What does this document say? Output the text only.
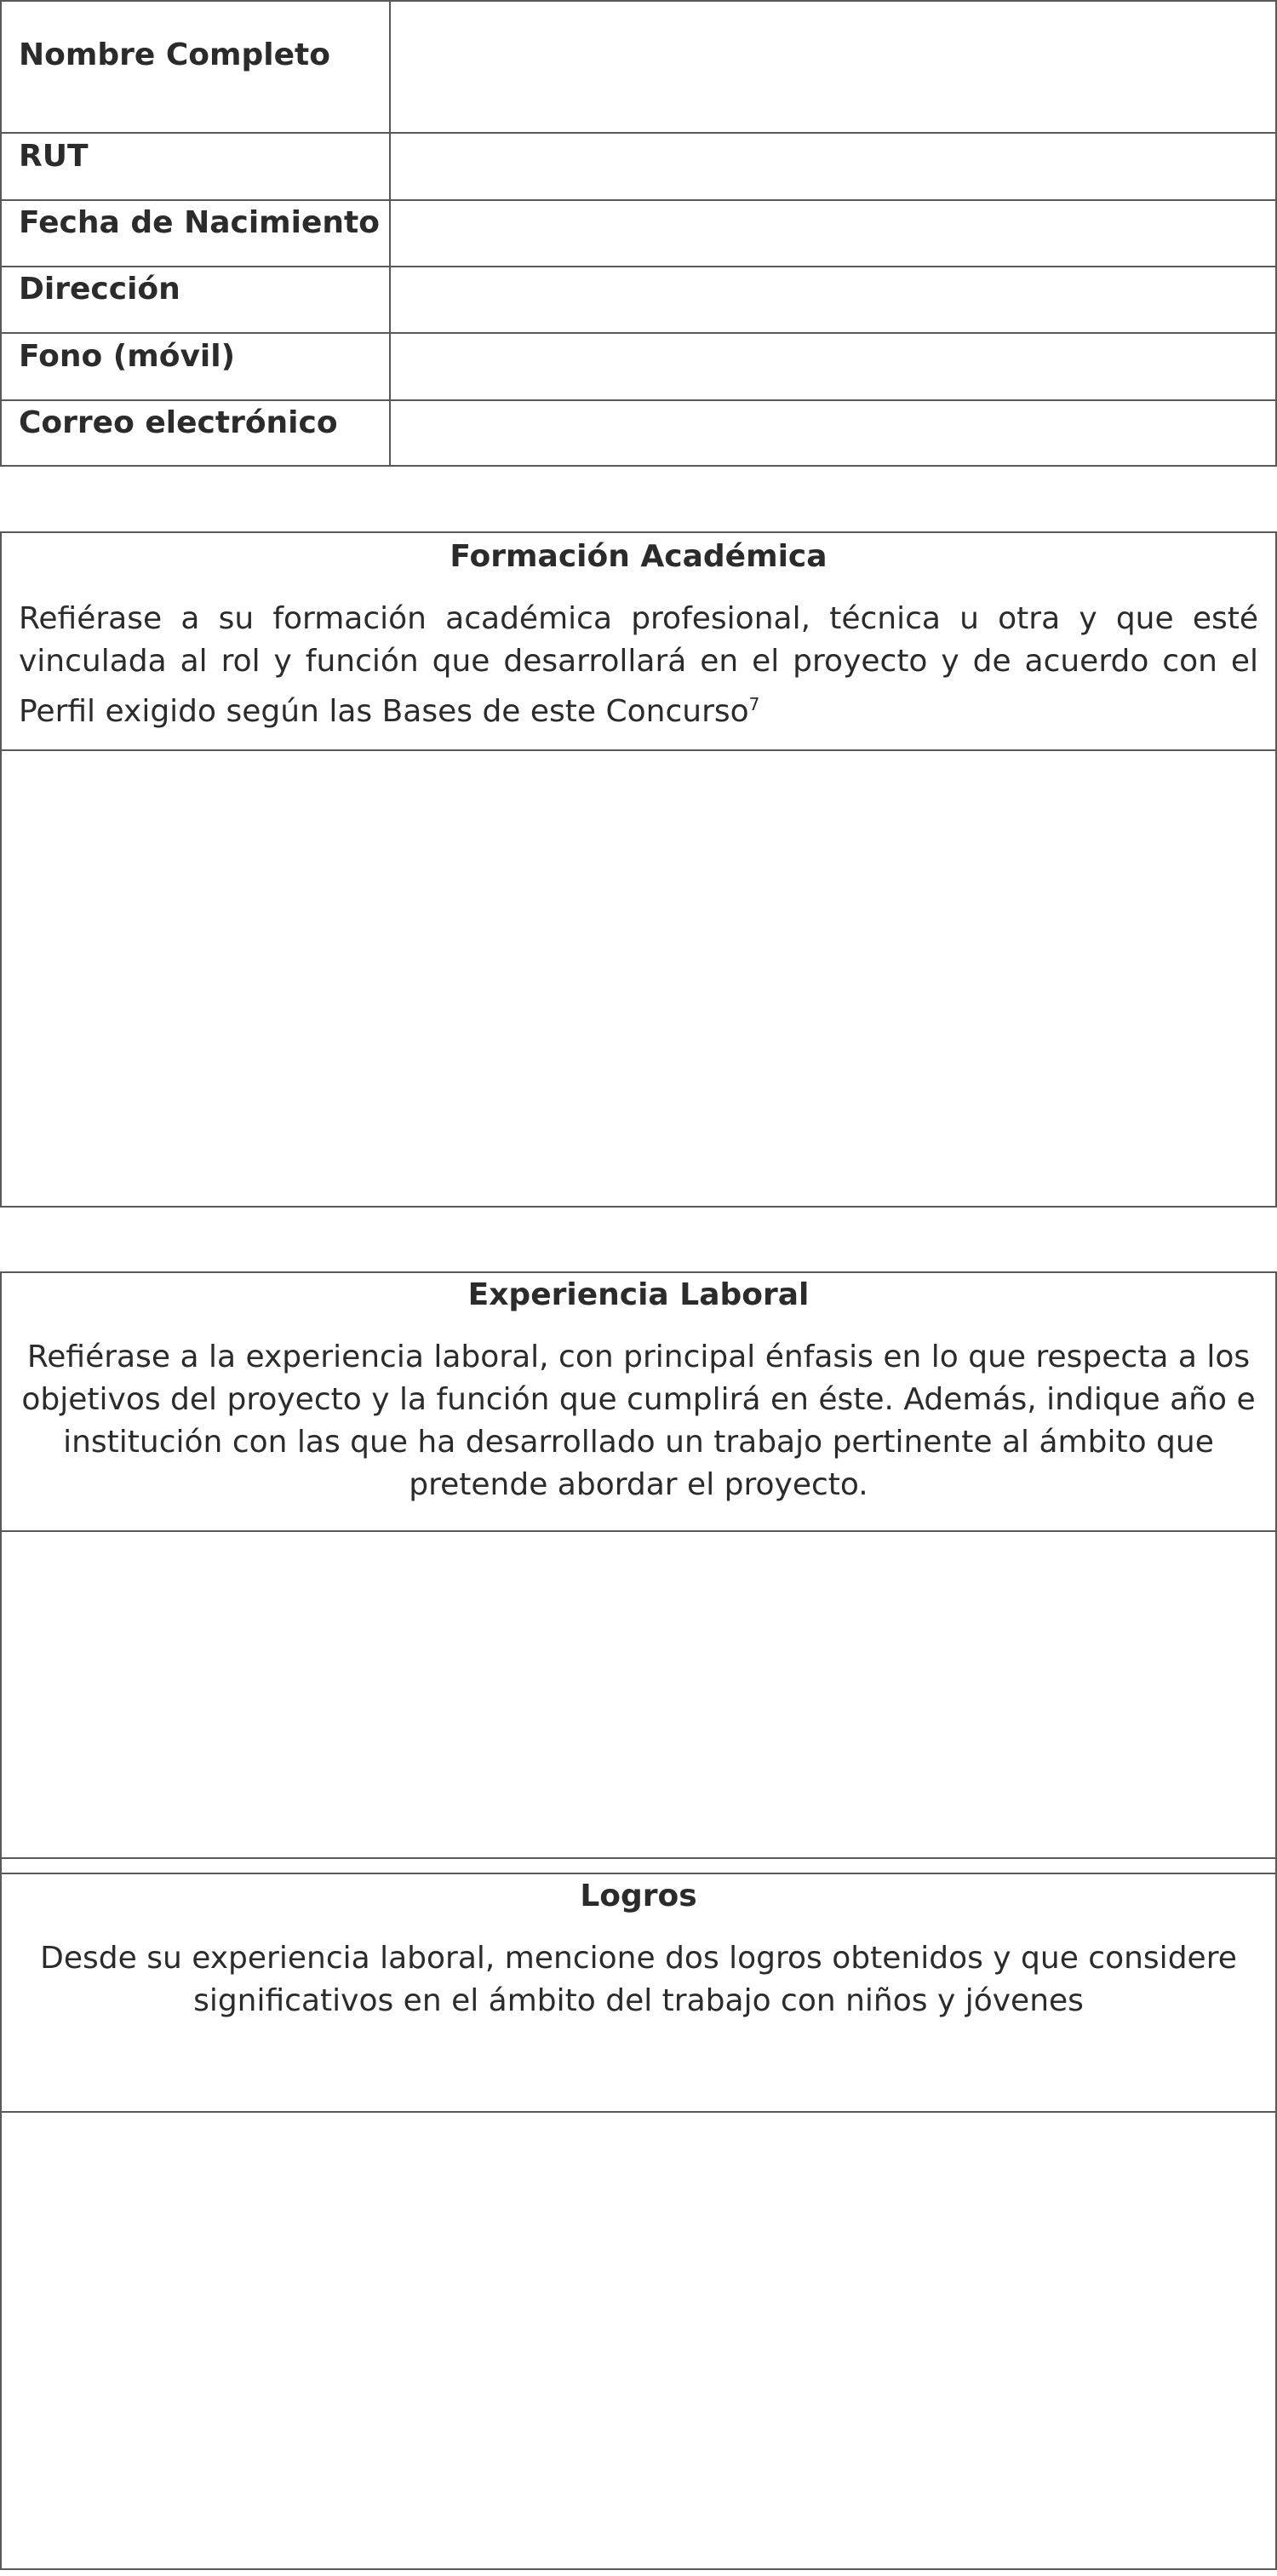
Nombre Completo
RUT
Fecha de Nacimiento
Dirección
Fono (móvil)
Correo electrónico
Formación Académica
Refiérase a su formación académica profesional, técnica u otra y que esté vinculada al rol y función que desarrollará en el proyecto y de acuerdo con el Perfil exigido según las Bases de este Concurso$^7$
Experiencia Laboral
Refiérase a la experiencia laboral, con principal énfasis en lo que respecta a los objetivos del proyecto y la función que cumplirá en éste. Además, indique año e institución con las que ha desarrollado un trabajo pertinente al ámbito que pretende abordar el proyecto.
Logros
Desde su experiencia laboral, mencione dos logros obtenidos y que considere significativos en el ámbito del trabajo con niños y jóvenes
